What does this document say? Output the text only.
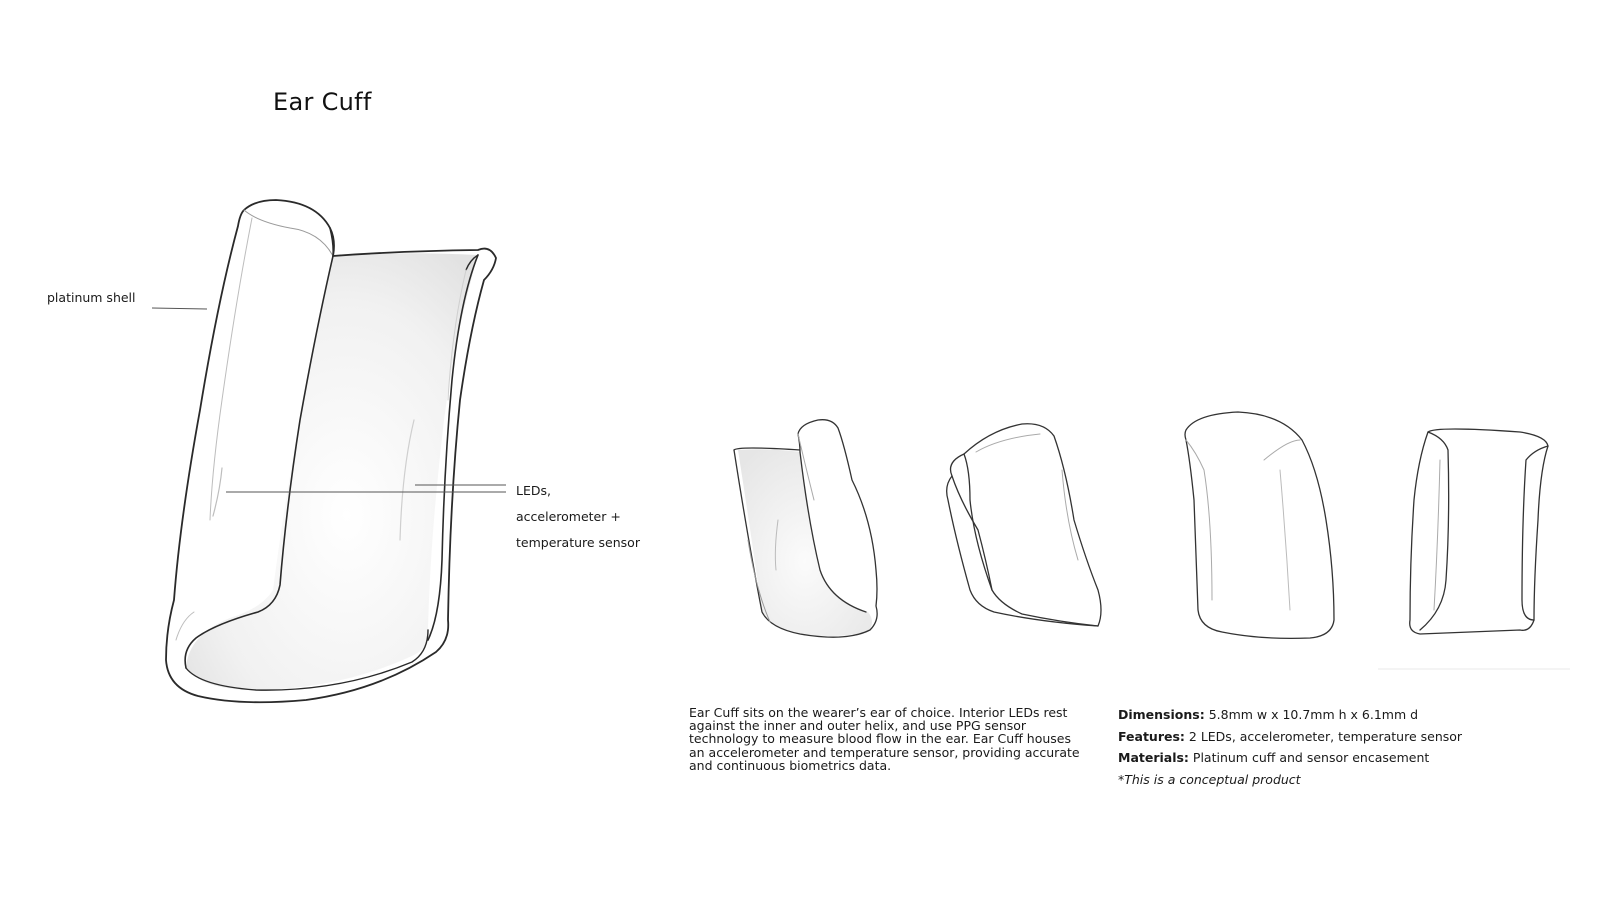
Ear Cuff
platinum shell

LEDs,

accelerometer +

temperature sensor

Ear Cuff sits on the wearer’s ear of choice. Interior LEDs rest against the inner and outer helix, and use PPG sensor technology to measure blood flow in the ear. Ear Cuff houses an accelerometer and temperature sensor, providing accurate and continuous biometrics data.

Dimensions: 5.8mm w x 10.7mm h x 6.1mm d
Features: 2 LEDs, accelerometer, temperature sensor
Materials: Platinum cuff and sensor encasement
*This is a conceptual product
